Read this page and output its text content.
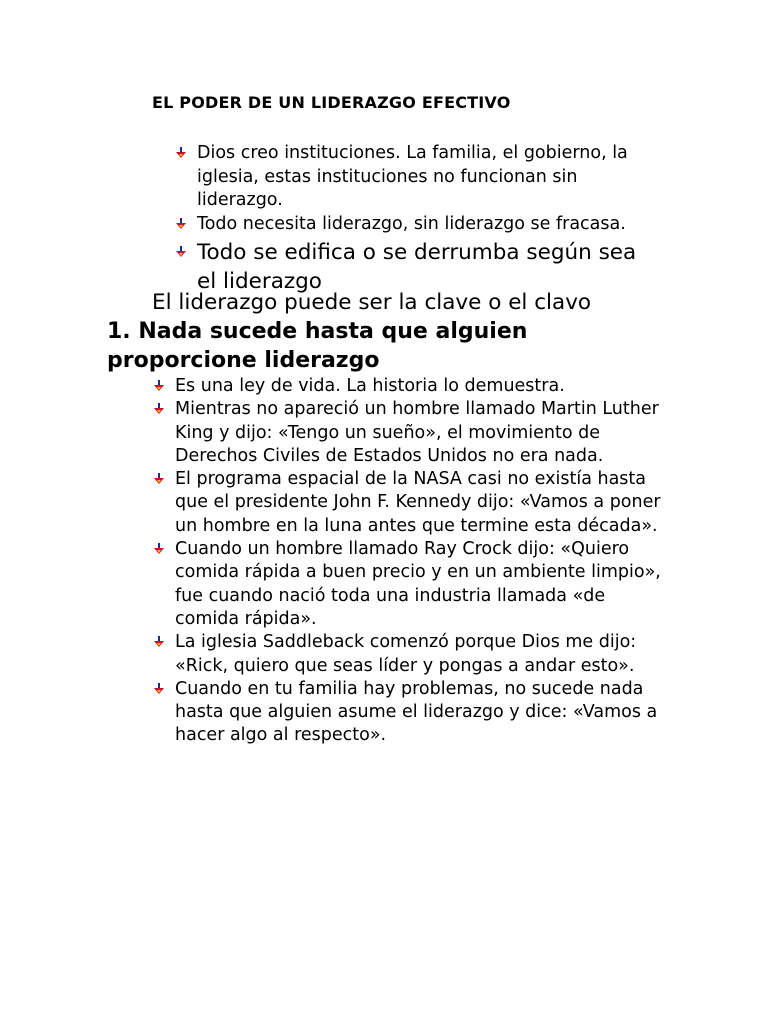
EL PODER DE UN LIDERAZGO EFECTIVO
Dios creo instituciones. La familia, el gobierno, la iglesia, estas instituciones no funcionan sin liderazgo.
Todo necesita liderazgo, sin liderazgo se fracasa.
Todo se edifica o se derrumba según sea el liderazgo

El liderazgo puede ser la clave o el clavo

1. Nada sucede hasta que alguien proporcione liderazgo
Es una ley de vida. La historia lo demuestra.
Mientras no apareció un hombre llamado Martin Luther King y dijo: «Tengo un sueño», el movimiento de Derechos Civiles de Estados Unidos no era nada.
El programa espacial de la NASA casi no existía hasta que el presidente John F. Kennedy dijo: «Vamos a poner un hombre en la luna antes que termine esta década».
Cuando un hombre llamado Ray Crock dijo: «Quiero comida rápida a buen precio y en un ambiente limpio», fue cuando nació toda una industria llamada «de comida rápida».
La iglesia Saddleback comenzó porque Dios me dijo: «Rick, quiero que seas líder y pongas a andar esto».
Cuando en tu familia hay problemas, no sucede nada hasta que alguien asume el liderazgo y dice: «Vamos a hacer algo al respecto».
